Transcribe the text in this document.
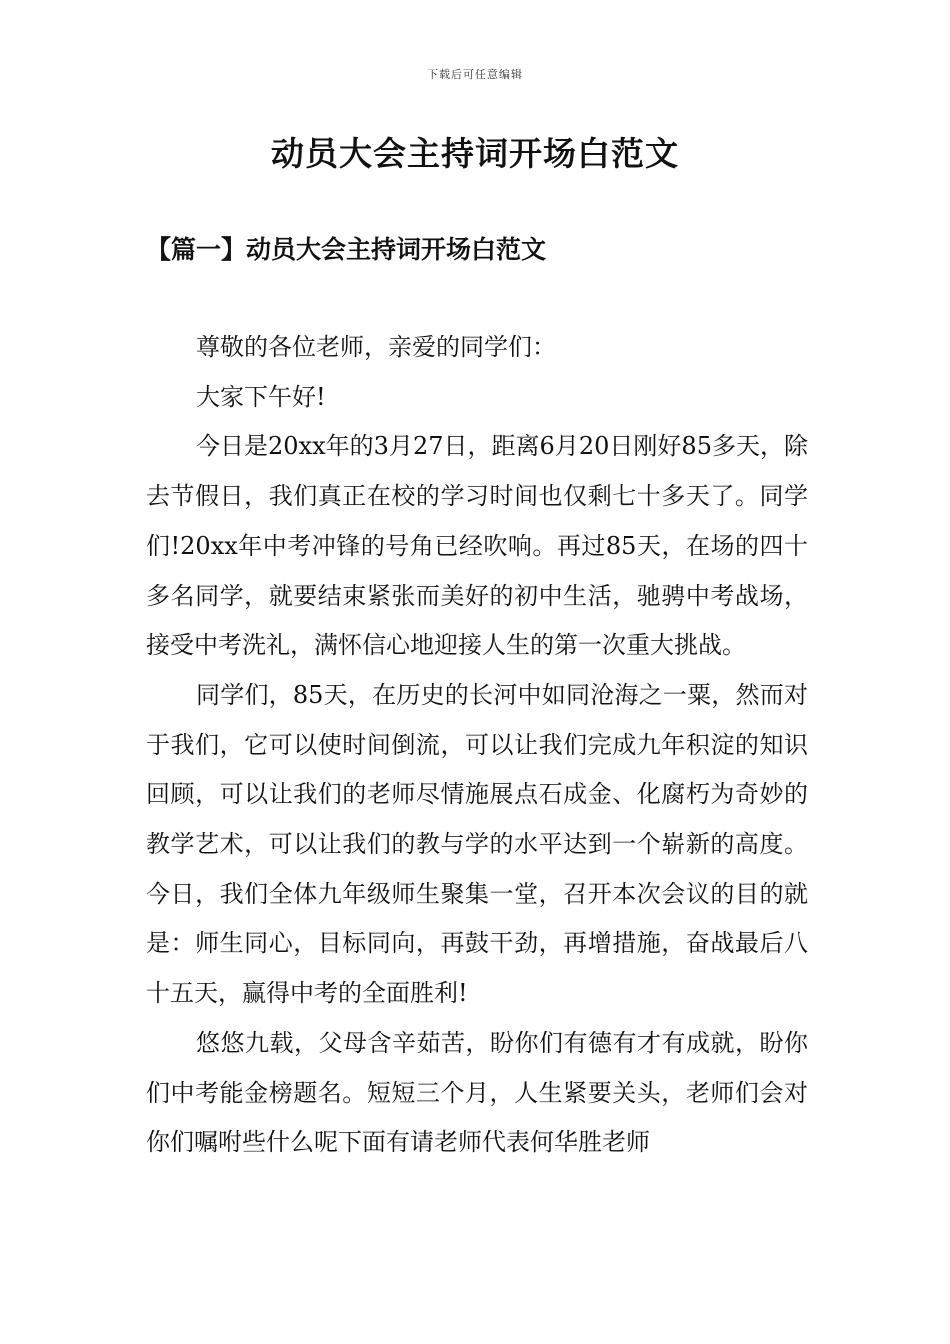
下载后可任意编辑
动员大会主持词开场白范文
【篇一】动员大会主持词开场白范文

尊敬的各位老师，亲爱的同学们：

大家下午好!

今日是20xx年的3月27日，距离6月20日刚好85多天，除去节假日，我们真正在校的学习时间也仅剩七十多天了。同学们!20xx年中考冲锋的号角已经吹响。再过85天，在场的四十多名同学，就要结束紧张而美好的初中生活，驰骋中考战场，接受中考洗礼，满怀信心地迎接人生的第一次重大挑战。

同学们，85天，在历史的长河中如同沧海之一粟，然而对于我们，它可以使时间倒流，可以让我们完成九年积淀的知识回顾，可以让我们的老师尽情施展点石成金、化腐朽为奇妙的教学艺术，可以让我们的教与学的水平达到一个崭新的高度。今日，我们全体九年级师生聚集一堂，召开本次会议的目的就是：师生同心，目标同向，再鼓干劲，再增措施，奋战最后八十五天，赢得中考的全面胜利!

悠悠九载，父母含辛茹苦，盼你们有德有才有成就，盼你们中考能金榜题名。短短三个月，人生紧要关头，老师们会对你们嘱咐些什么呢下面有请老师代表何华胜老师
